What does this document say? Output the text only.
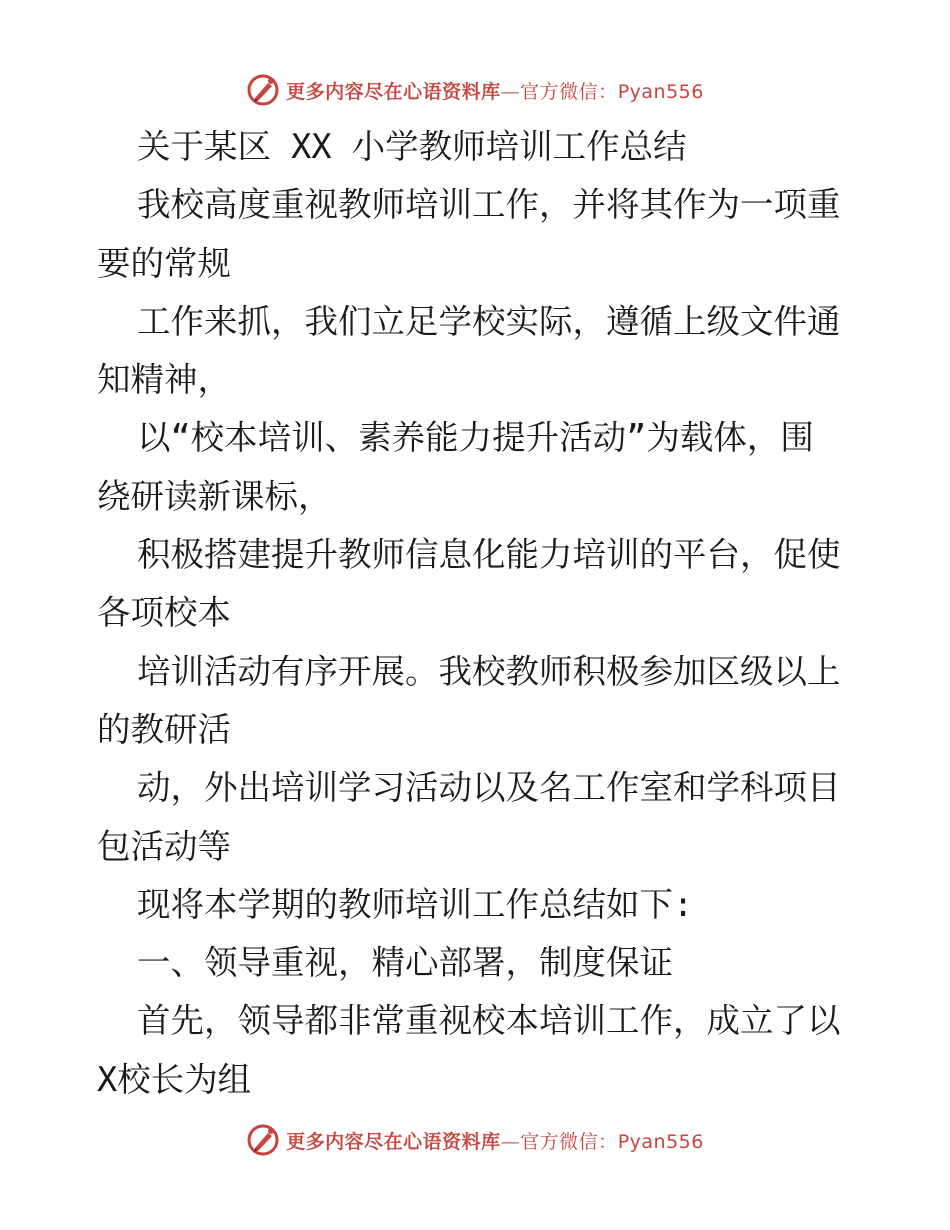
更多内容尽在心语资料库—官方微信：Pyan556
关于某区 XX 小学教师培训工作总结
我校高度重视教师培训工作，并将其作为一项重
要的常规
工作来抓，我们立足学校实际，遵循上级文件通
知精神，
以“校本培训、素养能力提升活动”为载体，围
绕研读新课标，
积极搭建提升教师信息化能力培训的平台，促使
各项校本
培训活动有序开展。我校教师积极参加区级以上
的教研活
动，外出培训学习活动以及名工作室和学科项目
包活动等
现将本学期的教师培训工作总结如下:
一、领导重视，精心部署，制度保证
首先，领导都非常重视校本培训工作，成立了以
X校长为组
更多内容尽在心语资料库—官方微信：Pyan556
